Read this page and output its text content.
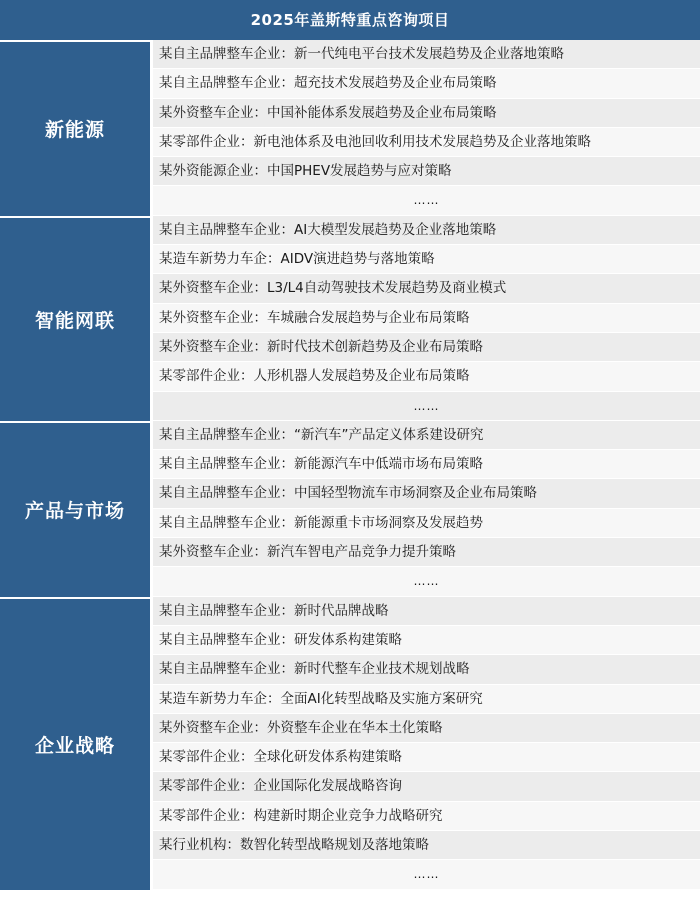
2025年盖斯特重点咨询项目
新能源
某自主品牌整车企业：新一代纯电平台技术发展趋势及企业落地策略
某自主品牌整车企业：超充技术发展趋势及企业布局策略
某外资整车企业：中国补能体系发展趋势及企业布局策略
某零部件企业：新电池体系及电池回收利用技术发展趋势及企业落地策略
某外资能源企业：中国PHEV发展趋势与应对策略
……
智能网联
某自主品牌整车企业：AI大模型发展趋势及企业落地策略
某造车新势力车企：AIDV演进趋势与落地策略
某外资整车企业：L3/L4自动驾驶技术发展趋势及商业模式
某外资整车企业：车城融合发展趋势与企业布局策略
某外资整车企业：新时代技术创新趋势及企业布局策略
某零部件企业：人形机器人发展趋势及企业布局策略
……
产品与市场
某自主品牌整车企业：“新汽车”产品定义体系建设研究
某自主品牌整车企业：新能源汽车中低端市场布局策略
某自主品牌整车企业：中国轻型物流车市场洞察及企业布局策略
某自主品牌整车企业：新能源重卡市场洞察及发展趋势
某外资整车企业：新汽车智电产品竞争力提升策略
……
企业战略
某自主品牌整车企业：新时代品牌战略
某自主品牌整车企业：研发体系构建策略
某自主品牌整车企业：新时代整车企业技术规划战略
某造车新势力车企：全面AI化转型战略及实施方案研究
某外资整车企业：外资整车企业在华本土化策略
某零部件企业：全球化研发体系构建策略
某零部件企业：企业国际化发展战略咨询
某零部件企业：构建新时期企业竞争力战略研究
某行业机构：数智化转型战略规划及落地策略
……
